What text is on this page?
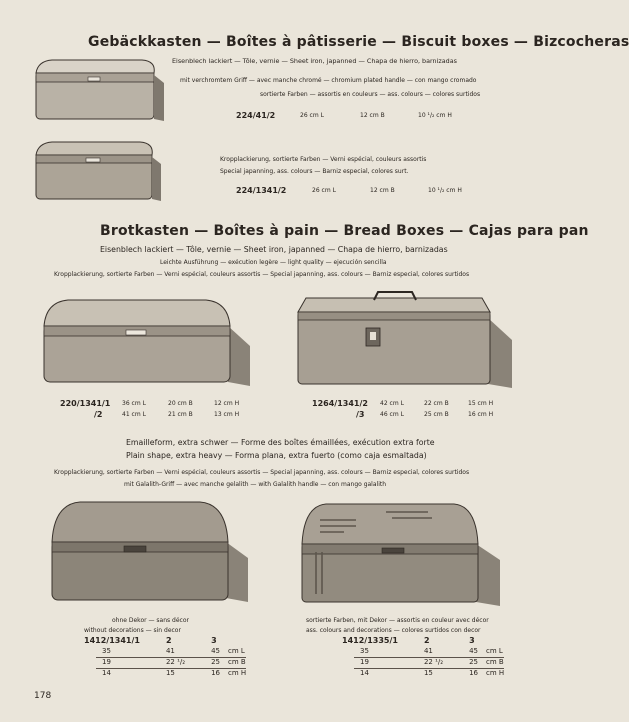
Gebäckkasten — Boîtes à pâtisserie — Biscuit boxes — Bizcocheras
Eisenblech lackiert — Tôle, vernie — Sheet iron, japanned — Chapa de hierro, barnizadas
mit verchromtem Griff — avec manche chromé — chromium plated handle — con mango cromado
sortierte Farben — assortis en couleurs — ass. colours — colores surtidos
224/41/2	26 cm L	12 cm B	10 ¹/₂ cm H
Kropplackierung, sortierte Farben — Verni espécial, couleurs assortis
Special japanning, ass. colours — Barniz especial, colores surt.
224/1341/2	26 cm L	12 cm B	10 ¹/₂ cm H
Brotkasten — Boîtes à pain — Bread Boxes — Cajas para pan
Eisenblech lackiert — Tôle, vernie — Sheet iron, japanned — Chapa de hierro, barnizadas
Leichte Ausführung — exécution legère — light quality — ejecución sencilla
Kropplackierung, sortierte Farben — Verni espécial, couleurs assortis — Special japanning, ass. colours — Barniz especial, colores surtidos
220/1341/1 36 cm L	20 cm B	12 cm H
/2	41 cm L	21 cm B	13 cm H
1264/1341/2 42 cm L	22 cm B	15 cm H
/3	46 cm L	25 cm B	16 cm H
Emailleform, extra schwer — Forme des boîtes émaillées, exécution extra forte
Plain shape, extra heavy — Forma plana, extra fuerto (como caja esmaltada)
Kropplackierung, sortierte Farben — Verni espécial, couleurs assortis — Special japanning, ass. colours — Barniz especial, colores surtidos
mit Galalith-Griff — avec manche gelalith — with Galalith handle — con mango galalith
ohne Dekor — sans décor
without decorations — sin decor
sortierte Farben, mit Dekor — assortis en couleur avec décor
ass. colours and decorations — colores surtidos con decor
1412/1341/1	2	3	
35	41	45	cm L
19	22 ¹/₂	25	cm B
14	15	16	cm H
1412/1335/1	2	3	
35	41	45	cm L
19	22 ¹/₂	25	cm B
14	15	16	cm H
178
